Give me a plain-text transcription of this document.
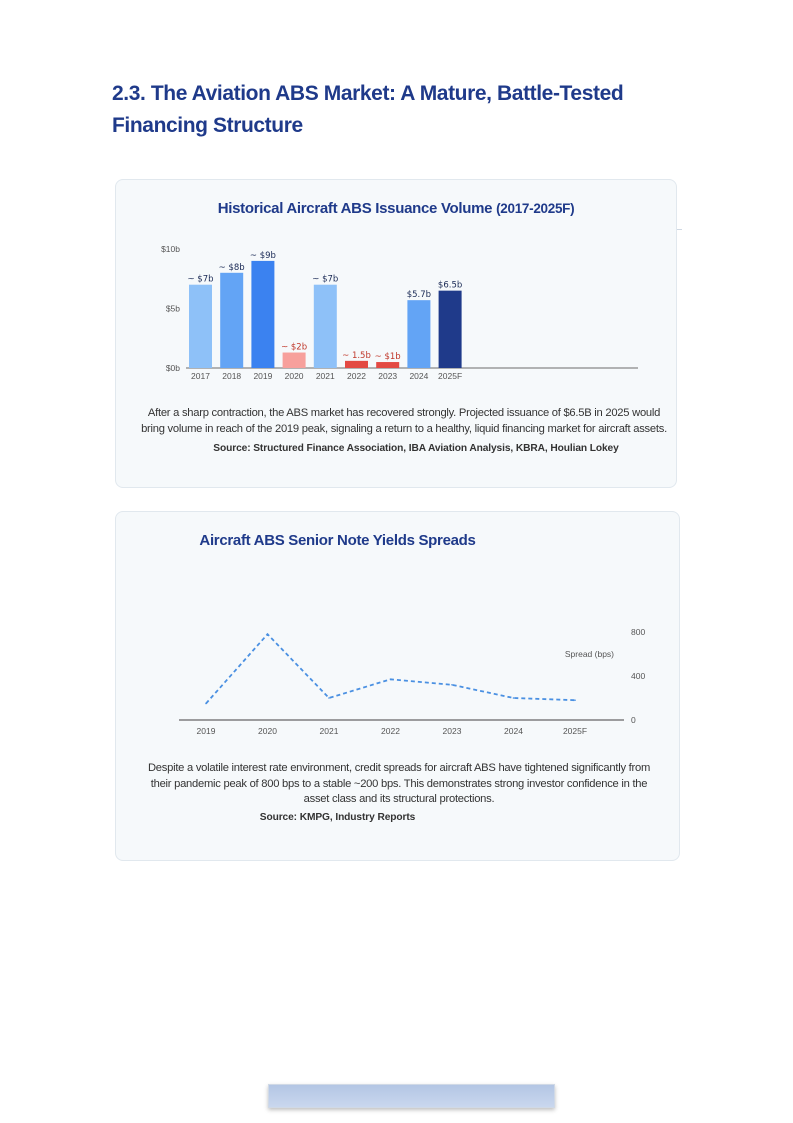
2.3. The Aviation ABS Market: A Mature, Battle-Tested Financing Structure
Historical Aircraft ABS Issuance Volume (2017-2025F)
$0b
$5b
$10b
~ $7b
2017
~ $8b
2018
~ $9b
2019
~ $2b
2020
~ $7b
2021
~ 1.5b
2022
~ $1b
2023
$5.7b
2024
$6.5b
2025F
After a sharp contraction, the ABS market has recovered strongly. Projected issuance of $6.5B in 2025 would bring volume in reach of the 2019 peak, signaling a return to a healthy, liquid financing market for aircraft assets.
Source: Structured Finance Association, IBA Aviation Analysis, KBRA, Houlian Lokey
Aircraft ABS Senior Note Yields Spreads
0
400
800
Spread (bps)
2019	2020	2021	2022	2023	2024	2025F
Despite a volatile interest rate environment, credit spreads for aircraft ABS have tightened significantly from their pandemic peak of 800 bps to a stable ~200 bps. This demonstrates strong investor confidence in the asset class and its structural protections.
Source: KMPG, Industry Reports
